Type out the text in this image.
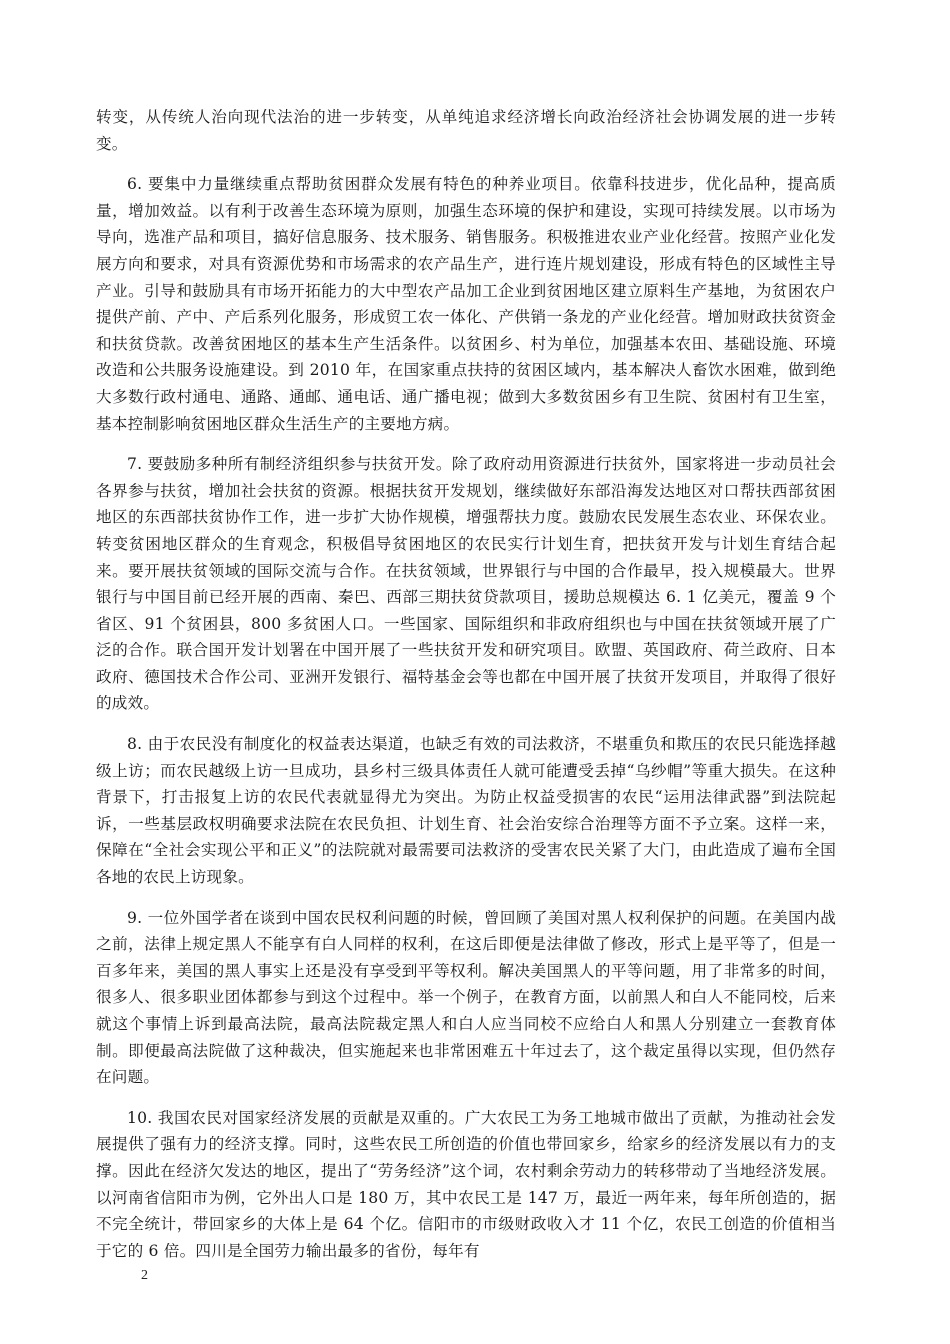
转变，从传统人治向现代法治的进一步转变，从单纯追求经济增长向政治经济社会协调发展的进一步转变。

6. 要集中力量继续重点帮助贫困群众发展有特色的种养业项目。依靠科技进步，优化品种，提高质量，增加效益。以有利于改善生态环境为原则，加强生态环境的保护和建设，实现可持续发展。以市场为导向，选准产品和项目，搞好信息服务、技术服务、销售服务。积极推进农业产业化经营。按照产业化发展方向和要求，对具有资源优势和市场需求的农产品生产，进行连片规划建设，形成有特色的区域性主导产业。引导和鼓励具有市场开拓能力的大中型农产品加工企业到贫困地区建立原料生产基地，为贫困农户提供产前、产中、产后系列化服务，形成贸工农一体化、产供销一条龙的产业化经营。增加财政扶贫资金和扶贫贷款。改善贫困地区的基本生产生活条件。以贫困乡、村为单位，加强基本农田、基础设施、环境改造和公共服务设施建设。到 2010 年，在国家重点扶持的贫困区域内，基本解决人畜饮水困难，做到绝大多数行政村通电、通路、通邮、通电话、通广播电视；做到大多数贫困乡有卫生院、贫困村有卫生室，基本控制影响贫困地区群众生活生产的主要地方病。

7. 要鼓励多种所有制经济组织参与扶贫开发。除了政府动用资源进行扶贫外，国家将进一步动员社会各界参与扶贫，增加社会扶贫的资源。根据扶贫开发规划，继续做好东部沿海发达地区对口帮扶西部贫困地区的东西部扶贫协作工作，进一步扩大协作规模，增强帮扶力度。鼓励农民发展生态农业、环保农业。转变贫困地区群众的生育观念，积极倡导贫困地区的农民实行计划生育，把扶贫开发与计划生育结合起来。要开展扶贫领域的国际交流与合作。在扶贫领域，世界银行与中国的合作最早，投入规模最大。世界银行与中国目前已经开展的西南、秦巴、西部三期扶贫贷款项目，援助总规模达 6. 1 亿美元，覆盖 9 个省区、91 个贫困县，800 多贫困人口。一些国家、国际组织和非政府组织也与中国在扶贫领域开展了广泛的合作。联合国开发计划署在中国开展了一些扶贫开发和研究项目。欧盟、英国政府、荷兰政府、日本政府、德国技术合作公司、亚洲开发银行、福特基金会等也都在中国开展了扶贫开发项目，并取得了很好的成效。

8. 由于农民没有制度化的权益表达渠道，也缺乏有效的司法救济，不堪重负和欺压的农民只能选择越级上访；而农民越级上访一旦成功，县乡村三级具体责任人就可能遭受丢掉“乌纱帽”等重大损失。在这种背景下，打击报复上访的农民代表就显得尤为突出。为防止权益受损害的农民“运用法律武器”到法院起诉，一些基层政权明确要求法院在农民负担、计划生育、社会治安综合治理等方面不予立案。这样一来，保障在“全社会实现公平和正义”的法院就对最需要司法救济的受害农民关紧了大门，由此造成了遍布全国各地的农民上访现象。

9. 一位外国学者在谈到中国农民权利问题的时候，曾回顾了美国对黑人权利保护的问题。在美国内战之前，法律上规定黑人不能享有白人同样的权利，在这后即便是法律做了修改，形式上是平等了，但是一百多年来，美国的黑人事实上还是没有享受到平等权利。解决美国黑人的平等问题，用了非常多的时间，很多人、很多职业团体都参与到这个过程中。举一个例子，在教育方面，以前黑人和白人不能同校，后来就这个事情上诉到最高法院，最高法院裁定黑人和白人应当同校不应给白人和黑人分别建立一套教育体制。即便最高法院做了这种裁决，但实施起来也非常困难五十年过去了，这个裁定虽得以实现，但仍然存在问题。

10. 我国农民对国家经济发展的贡献是双重的。广大农民工为务工地城市做出了贡献，为推动社会发展提供了强有力的经济支撑。同时，这些农民工所创造的价值也带回家乡，给家乡的经济发展以有力的支撑。因此在经济欠发达的地区，提出了“劳务经济”这个词，农村剩余劳动力的转移带动了当地经济发展。以河南省信阳市为例，它外出人口是 180 万，其中农民工是 147 万，最近一两年来，每年所创造的，据不完全统计，带回家乡的大体上是 64 个亿。信阳市的市级财政收入才 11 个亿，农民工创造的价值相当于它的 6 倍。四川是全国劳力输出最多的省份，每年有

2
